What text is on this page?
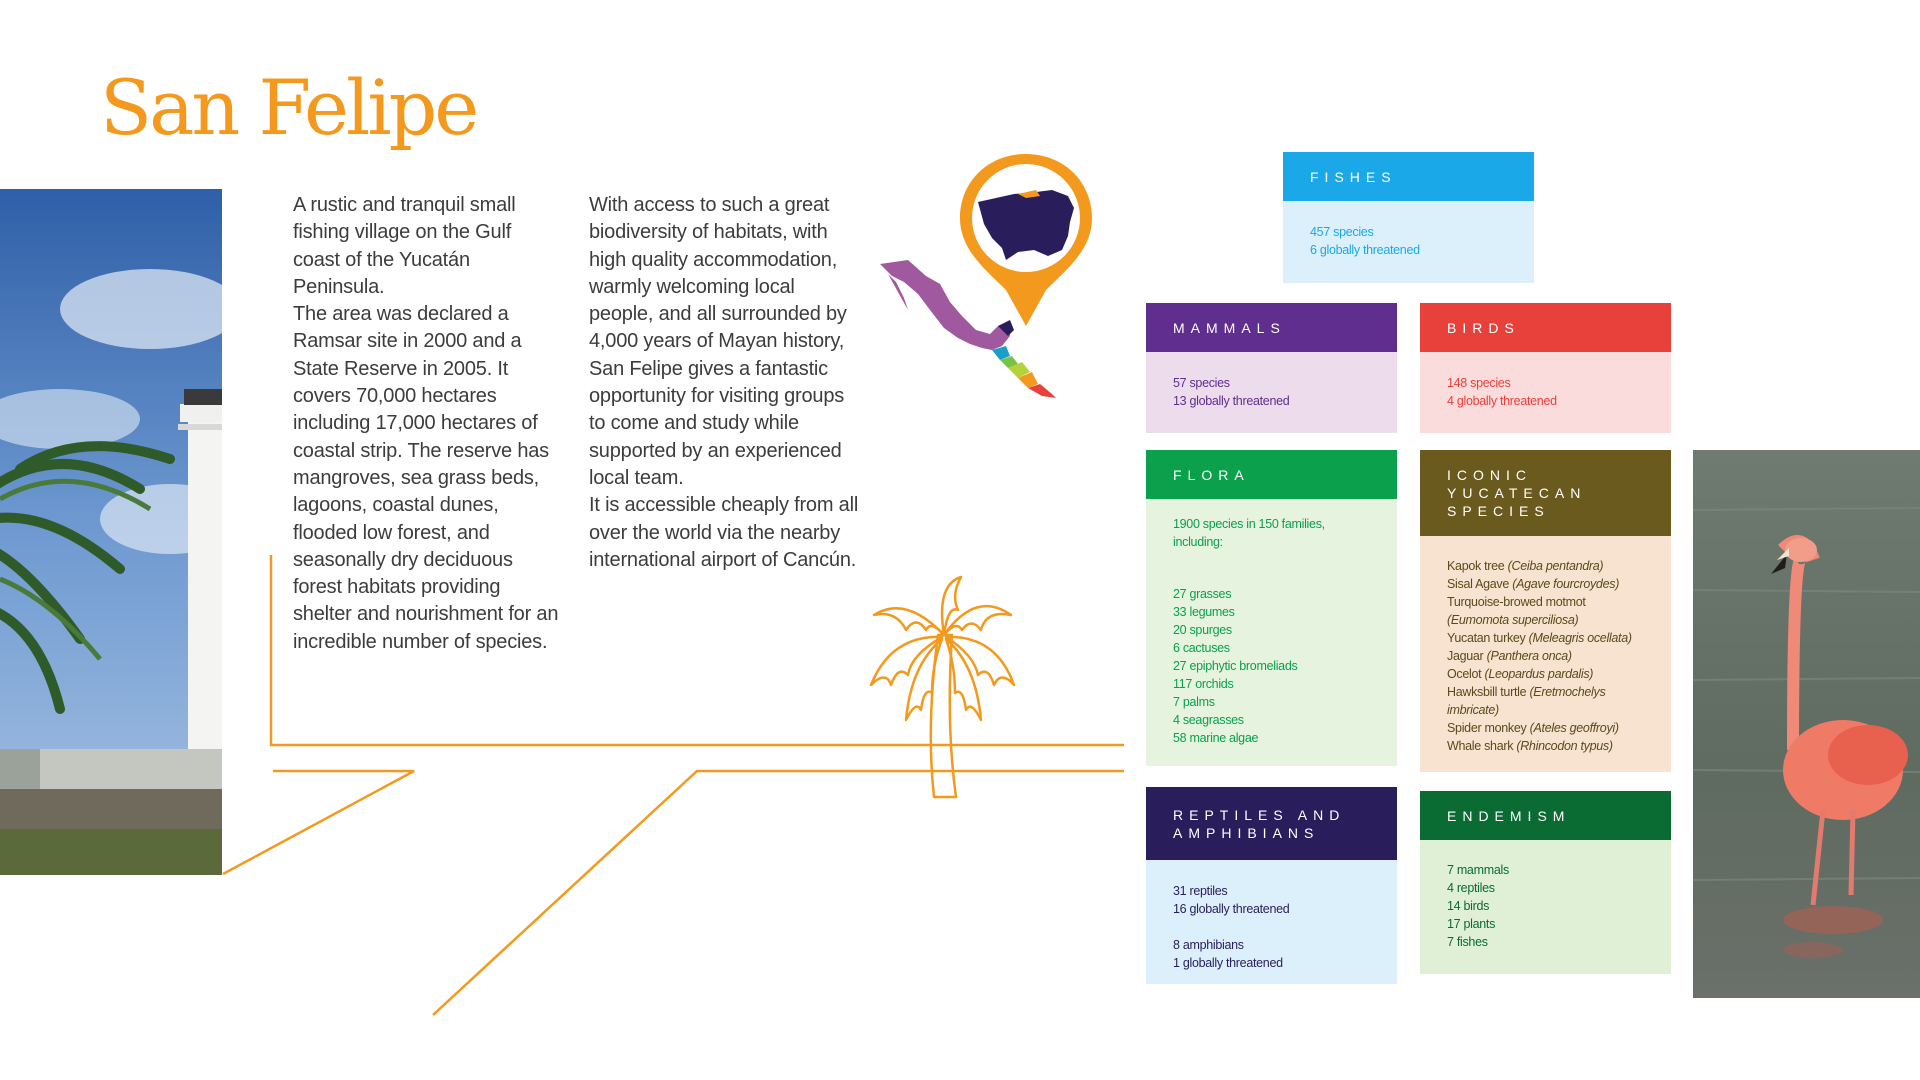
San Felipe

A rustic and tranquil small fishing village on the Gulf coast of the Yucatán Peninsula.

The area was declared a Ramsar site in 2000 and a State Reserve in 2005. It covers 70,000 hectares including 17,000 hectares of coastal strip. The reserve has mangroves, sea grass beds, lagoons, coastal dunes, flooded low forest, and seasonally dry deciduous forest habitats providing shelter and nourishment for an incredible number of species.

With access to such a great biodiversity of habitats, with high quality accommodation, warmly welcoming local people, and all surrounded by 4,000 years of Mayan history, San Felipe gives a fantastic opportunity for visiting groups to come and study while supported by an experienced local team.

It is accessible cheaply from all over the world via the nearby international airport of Cancún.

FISHES
457 species
6 globally threatened
MAMMALS
57 species
13 globally threatened
BIRDS
148 species
4 globally threatened
FLORA
1900 species in 150 families,
including:
27 grasses
33 legumes
20 spurges
6 cactuses
27 epiphytic bromeliads
117 orchids
7 palms
4 seagrasses
58 marine algae
ICONIC
YUCATECAN
SPECIES
Kapok tree (Ceiba pentandra)
Sisal Agave (Agave fourcroydes)
Turquoise-browed motmot
(Eumomota superciliosa)
Yucatan turkey (Meleagris ocellata)
Jaguar (Panthera onca)
Ocelot (Leopardus pardalis)
Hawksbill turtle (Eretmochelys
imbricate)
Spider monkey (Ateles geoffroyi)
Whale shark (Rhincodon typus)
REPTILES AND
AMPHIBIANS
31 reptiles
16 globally threatened
8 amphibians
1 globally threatened
ENDEMISM
7 mammals
4 reptiles
14 birds
17 plants
7 fishes
